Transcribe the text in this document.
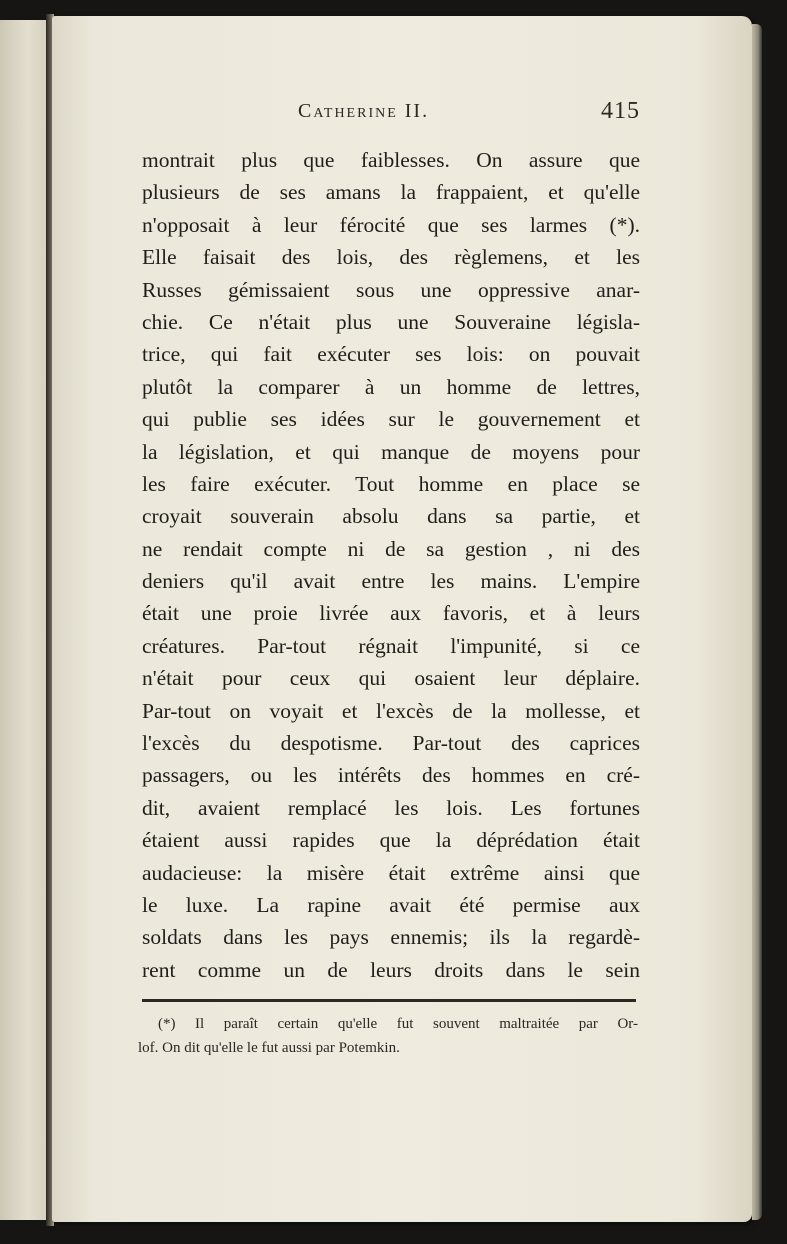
Catherine II.	415
montrait plus que faiblesses. On assure que
plusieurs de ses amans la frappaient, et qu'elle
n'opposait à leur férocité que ses larmes (*).
Elle faisait des lois, des règlemens, et les
Russes gémissaient sous une oppressive anar-
chie. Ce n'était plus une Souveraine législa-
trice, qui fait exécuter ses lois: on pouvait
plutôt la comparer à un homme de lettres,
qui publie ses idées sur le gouvernement et
la législation, et qui manque de moyens pour
les faire exécuter. Tout homme en place se
croyait souverain absolu dans sa partie, et
ne rendait compte ni de sa gestion , ni des
deniers qu'il avait entre les mains. L'empire
était une proie livrée aux favoris, et à leurs
créatures. Par-tout régnait l'impunité, si ce
n'était pour ceux qui osaient leur déplaire.
Par-tout on voyait et l'excès de la mollesse, et
l'excès du despotisme. Par-tout des caprices
passagers, ou les intérêts des hommes en cré-
dit, avaient remplacé les lois. Les fortunes
étaient aussi rapides que la déprédation était
audacieuse: la misère était extrême ainsi que
le luxe. La rapine avait été permise aux
soldats dans les pays ennemis; ils la regardè-
rent comme un de leurs droits dans le sein
(*) Il paraît certain qu'elle fut souvent maltraitée par Or-
lof. On dit qu'elle le fut aussi par Potemkin.
